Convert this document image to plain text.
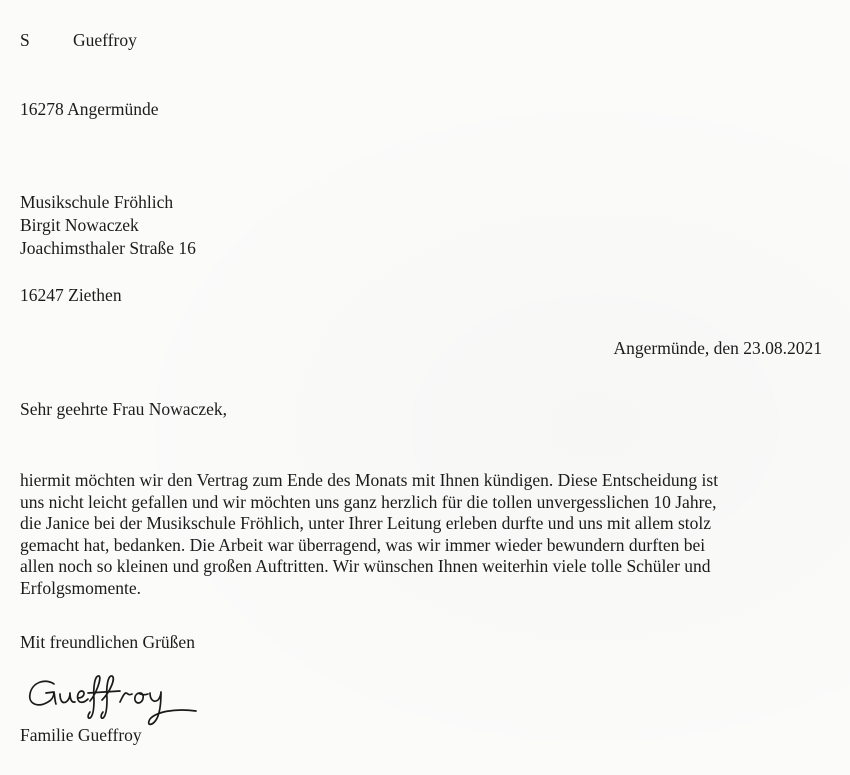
S Gueffroy
16278 Angermünde
Musikschule Fröhlich
Birgit Nowaczek
Joachimsthaler Straße 16
16247 Ziethen
Angermünde, den 23.08.2021
Sehr geehrte Frau Nowaczek,
hiermit möchten wir den Vertrag zum Ende des Monats mit Ihnen kündigen. Diese Entscheidung ist
uns nicht leicht gefallen und wir möchten uns ganz herzlich für die tollen unvergesslichen 10 Jahre,
die Janice bei der Musikschule Fröhlich, unter Ihrer Leitung erleben durfte und uns mit allem stolz
gemacht hat, bedanken. Die Arbeit war überragend, was wir immer wieder bewundern durften bei
allen noch so kleinen und großen Auftritten. Wir wünschen Ihnen weiterhin viele tolle Schüler und
Erfolgsmomente.
Mit freundlichen Grüßen
Familie Gueffroy
